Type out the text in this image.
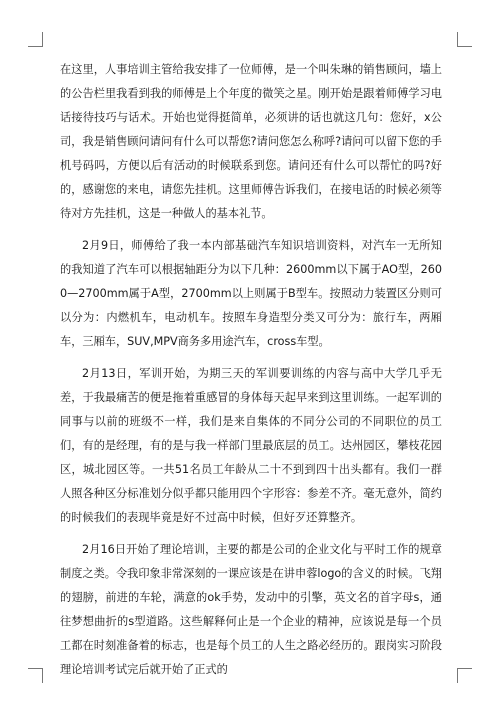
在这里，人事培训主管给我安排了一位师傅，是一个叫朱琳的销售顾问，墙上的公告栏里我看到我的师傅是上个年度的微笑之星。刚开始是跟着师傅学习电话接待技巧与话术。开始也觉得挺简单，必须讲的话也就这几句：您好，x公司，我是销售顾问请问有什么可以帮您?请问您怎么称呼?请问可以留下您的手机号码吗，方便以后有活动的时候联系到您。请问还有什么可以帮忙的吗?好的，感谢您的来电，请您先挂机。这里师傅告诉我们，在接电话的时候必须等待对方先挂机，这是一种做人的基本礼节。

2月9日，师傅给了我一本内部基础汽车知识培训资料，对汽车一无所知的我知道了汽车可以根据轴距分为以下几种：2600mm以下属于AO型，2600—2700mm属于A型，2700mm以上则属于B型车。按照动力装置区分则可以分为：内燃机车，电动机车。按照车身造型分类又可分为：旅行车，两厢车，三厢车，SUV,MPV商务多用途汽车，cross车型。

2月13日，军训开始，为期三天的军训要训练的内容与高中大学几乎无差，于我最痛苦的便是拖着重感冒的身体每天起早来到这里训练。一起军训的同事与以前的班级不一样，我们是来自集体的不同分公司的不同职位的员工们，有的是经理，有的是与我一样部门里最底层的员工。达州园区，攀枝花园区，城北园区等。一共51名员工年龄从二十不到到四十出头都有。我们一群人照各种区分标准划分似乎都只能用四个字形容：参差不齐。毫无意外，简约的时候我们的表现毕竟是好不过高中时候，但好歹还算整齐。

2月16日开始了理论培训，主要的都是公司的企业文化与平时工作的规章制度之类。令我印象非常深刻的一课应该是在讲申蓉logo的含义的时候。飞翔的翅膀，前进的车轮，满意的ok手势，发动中的引擎，英文名的首字母s，通往梦想曲折的s型道路。这些解释何止是一个企业的精神，应该说是每一个员工都在时刻准备着的标志，也是每个员工的人生之路必经历的。跟岗实习阶段理论培训考试完后就开始了正式的
